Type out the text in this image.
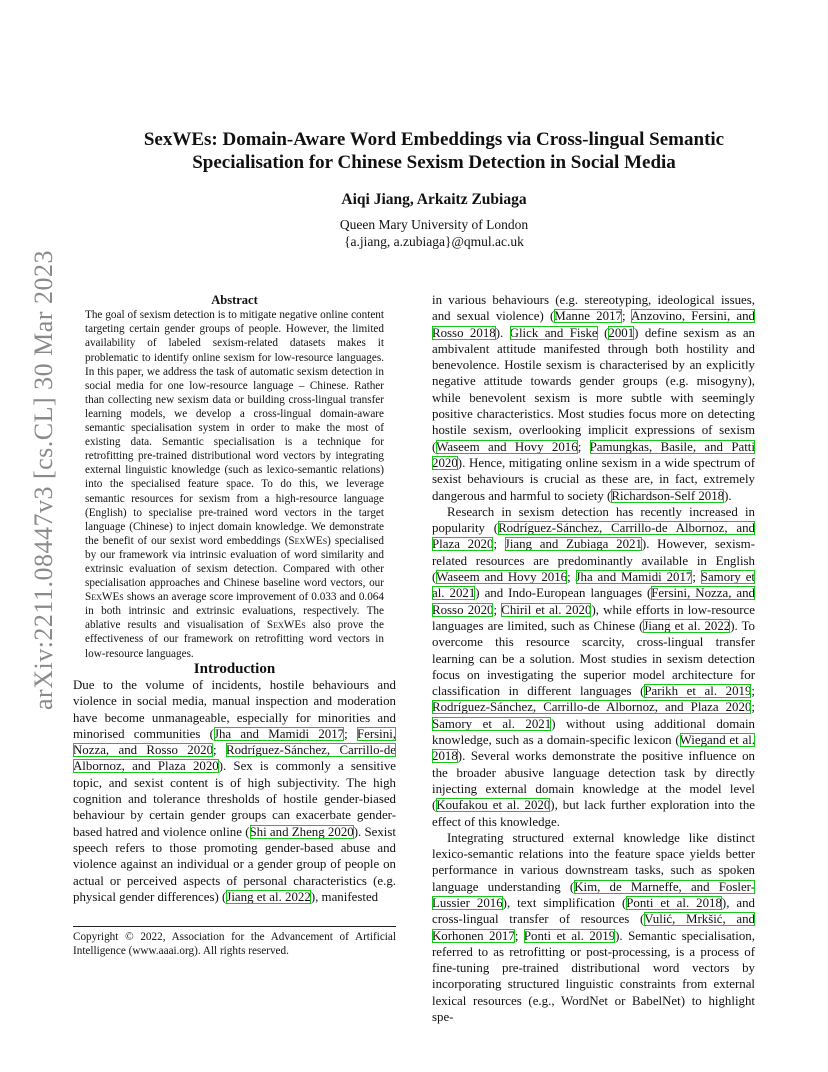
arXiv:2211.08447v3 [cs.CL] 30 Mar 2023
SexWEs: Domain-Aware Word Embeddings via Cross-lingual Semantic
Specialisation for Chinese Sexism Detection in Social Media

Aiqi Jiang, Arkaitz Zubiaga

Queen Mary University of London
{a.jiang, a.zubiaga}@qmul.ac.uk

Abstract

The goal of sexism detection is to mitigate negative online content targeting certain gender groups of people. However, the limited availability of labeled sexism-related datasets makes it problematic to identify online sexism for low-resource languages. In this paper, we address the task of automatic sexism detection in social media for one low-resource language – Chinese. Rather than collecting new sexism data or building cross-lingual transfer learning models, we develop a cross-lingual domain-aware semantic specialisation system in order to make the most of existing data. Semantic specialisation is a technique for retrofitting pre-trained distributional word vectors by integrating external linguistic knowledge (such as lexico-semantic relations) into the specialised feature space. To do this, we leverage semantic resources for sexism from a high-resource language (English) to specialise pre-trained word vectors in the target language (Chinese) to inject domain knowledge. We demonstrate the benefit of our sexist word embeddings (SexWEs) specialised by our framework via intrinsic evaluation of word similarity and extrinsic evaluation of sexism detection. Compared with other specialisation approaches and Chinese baseline word vectors, our SexWEs shows an average score improvement of 0.033 and 0.064 in both intrinsic and extrinsic evaluations, respectively. The ablative results and visualisation of SexWEs also prove the effectiveness of our framework on retrofitting word vectors in low-resource languages.

Introduction

Due to the volume of incidents, hostile behaviours and violence in social media, manual inspection and moderation have become unmanageable, especially for minorities and minorised communities (Jha and Mamidi 2017; Fersini, Nozza, and Rosso 2020; Rodríguez-Sánchez, Carrillo-de Albornoz, and Plaza 2020). Sex is commonly a sensitive topic, and sexist content is of high subjectivity. The high cognition and tolerance thresholds of hostile gender-biased behaviour by certain gender groups can exacerbate gender-based hatred and violence online (Shi and Zheng 2020). Sexist speech refers to those promoting gender-based abuse and violence against an individual or a gender group of people on actual or perceived aspects of personal characteristics (e.g. physical gender differences) (Jiang et al. 2022), manifested

Copyright © 2022, Association for the Advancement of Artificial Intelligence (www.aaai.org). All rights reserved.

in various behaviours (e.g. stereotyping, ideological issues, and sexual violence) (Manne 2017; Anzovino, Fersini, and Rosso 2018). Glick and Fiske (2001) define sexism as an ambivalent attitude manifested through both hostility and benevolence. Hostile sexism is characterised by an explicitly negative attitude towards gender groups (e.g. misogyny), while benevolent sexism is more subtle with seemingly positive characteristics. Most studies focus more on detecting hostile sexism, overlooking implicit expressions of sexism (Waseem and Hovy 2016; Pamungkas, Basile, and Patti 2020). Hence, mitigating online sexism in a wide spectrum of sexist behaviours is crucial as these are, in fact, extremely dangerous and harmful to society (Richardson-Self 2018).

Research in sexism detection has recently increased in popularity (Rodríguez-Sánchez, Carrillo-de Albornoz, and Plaza 2020; Jiang and Zubiaga 2021). However, sexism-related resources are predominantly available in English (Waseem and Hovy 2016; Jha and Mamidi 2017; Samory et al. 2021) and Indo-European languages (Fersini, Nozza, and Rosso 2020; Chiril et al. 2020), while efforts in low-resource languages are limited, such as Chinese (Jiang et al. 2022). To overcome this resource scarcity, cross-lingual transfer learning can be a solution. Most studies in sexism detection focus on investigating the superior model architecture for classification in different languages (Parikh et al. 2019; Rodríguez-Sánchez, Carrillo-de Albornoz, and Plaza 2020; Samory et al. 2021) without using additional domain knowledge, such as a domain-specific lexicon (Wiegand et al. 2018). Several works demonstrate the positive influence on the broader abusive language detection task by directly injecting external domain knowledge at the model level (Koufakou et al. 2020), but lack further exploration into the effect of this knowledge.

Integrating structured external knowledge like distinct lexico-semantic relations into the feature space yields better performance in various downstream tasks, such as spoken language understanding (Kim, de Marneffe, and Fosler-Lussier 2016), text simplification (Ponti et al. 2018), and cross-lingual transfer of resources (Vulić, Mrkšić, and Korhonen 2017; Ponti et al. 2019). Semantic specialisation, referred to as retrofitting or post-processing, is a process of fine-tuning pre-trained distributional word vectors by incorporating structured linguistic constraints from external lexical resources (e.g., WordNet or BabelNet) to highlight spe-
